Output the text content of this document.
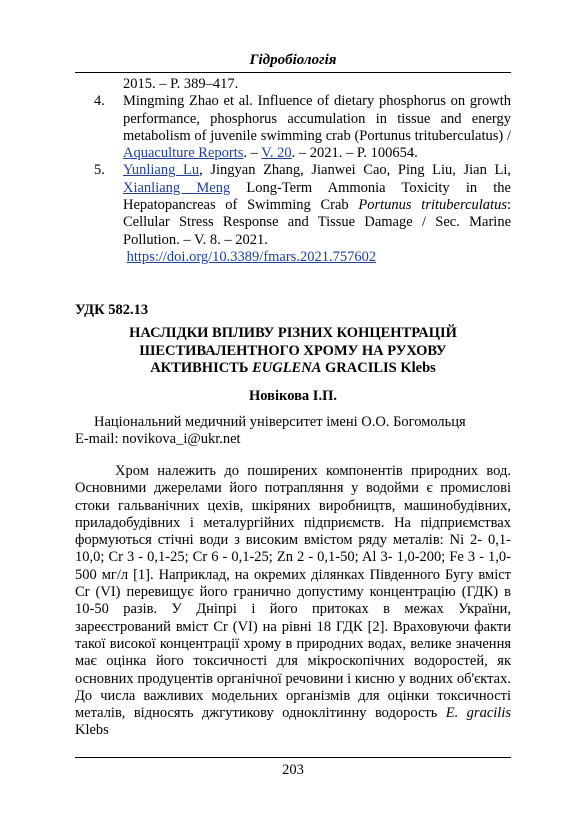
Гідробіологія
2015. – P. 389–417.
4. Mingming Zhao et al. Influence of dietary phosphorus on growth performance, phosphorus accumulation in tissue and energy metabolism of juvenile swimming crab (Portunus trituberculatus) / Aquaculture Reports. – V. 20. – 2021. – P. 100654.
5. Yunliang Lu, Jingyan Zhang, Jianwei Cao, Ping Liu, Jian Li, Xianliang Meng Long-Term Ammonia Toxicity in the Hepatopancreas of Swimming Crab Portunus trituberculatus: Cellular Stress Response and Tissue Damage / Sec. Marine Pollution. – V. 8. – 2021.
https://doi.org/10.3389/fmars.2021.757602
УДК 582.13
НАСЛІДКИ ВПЛИВУ РІЗНИХ КОНЦЕНТРАЦІЙ
ШЕСТИВАЛЕНТНОГО ХРОМУ НА РУХОВУ
АКТИВНІСТЬ EUGLENA GRACILIS Klebs
Новікова І.П.
Національний медичний університет імені О.О. Богомольця
E-mail: novikova_i@ukr.net

Хром належить до поширених компонентів природних вод. Основними джерелами його потрапляння у водойми є промислові стоки гальванічних цехів, шкіряних виробництв, машинобудівних, приладобудівних і металургійних підприємств. На підприємствах формуються стічні води з високим вмістом ряду металів: Ni 2- 0,1-10,0; Cr 3 - 0,1-25; Cr 6 - 0,1-25; Zn 2 - 0,1-50; Al 3- 1,0-200; Fe 3 - 1,0-500 мг/л [1]. Наприклад, на окремих ділянках Південного Бугу вміст Cr (VI) перевищує його гранично допустиму концентрацію (ГДК) в 10-50 разів. У Дніпрі і його притоках в межах України, зареєстрований вміст Cr (VI) на рівні 18 ГДК [2]. Враховуючи факти такої високої концентрації хрому в природних водах, велике значення має оцінка його токсичності для мікроскопічних водоростей, як основних продуцентів органічної речовини і кисню у водних об'єктах. До числа важливих модельних організмів для оцінки токсичності металів, відносять джгутикову одноклітинну водорость E. gracilis Klebs

203
